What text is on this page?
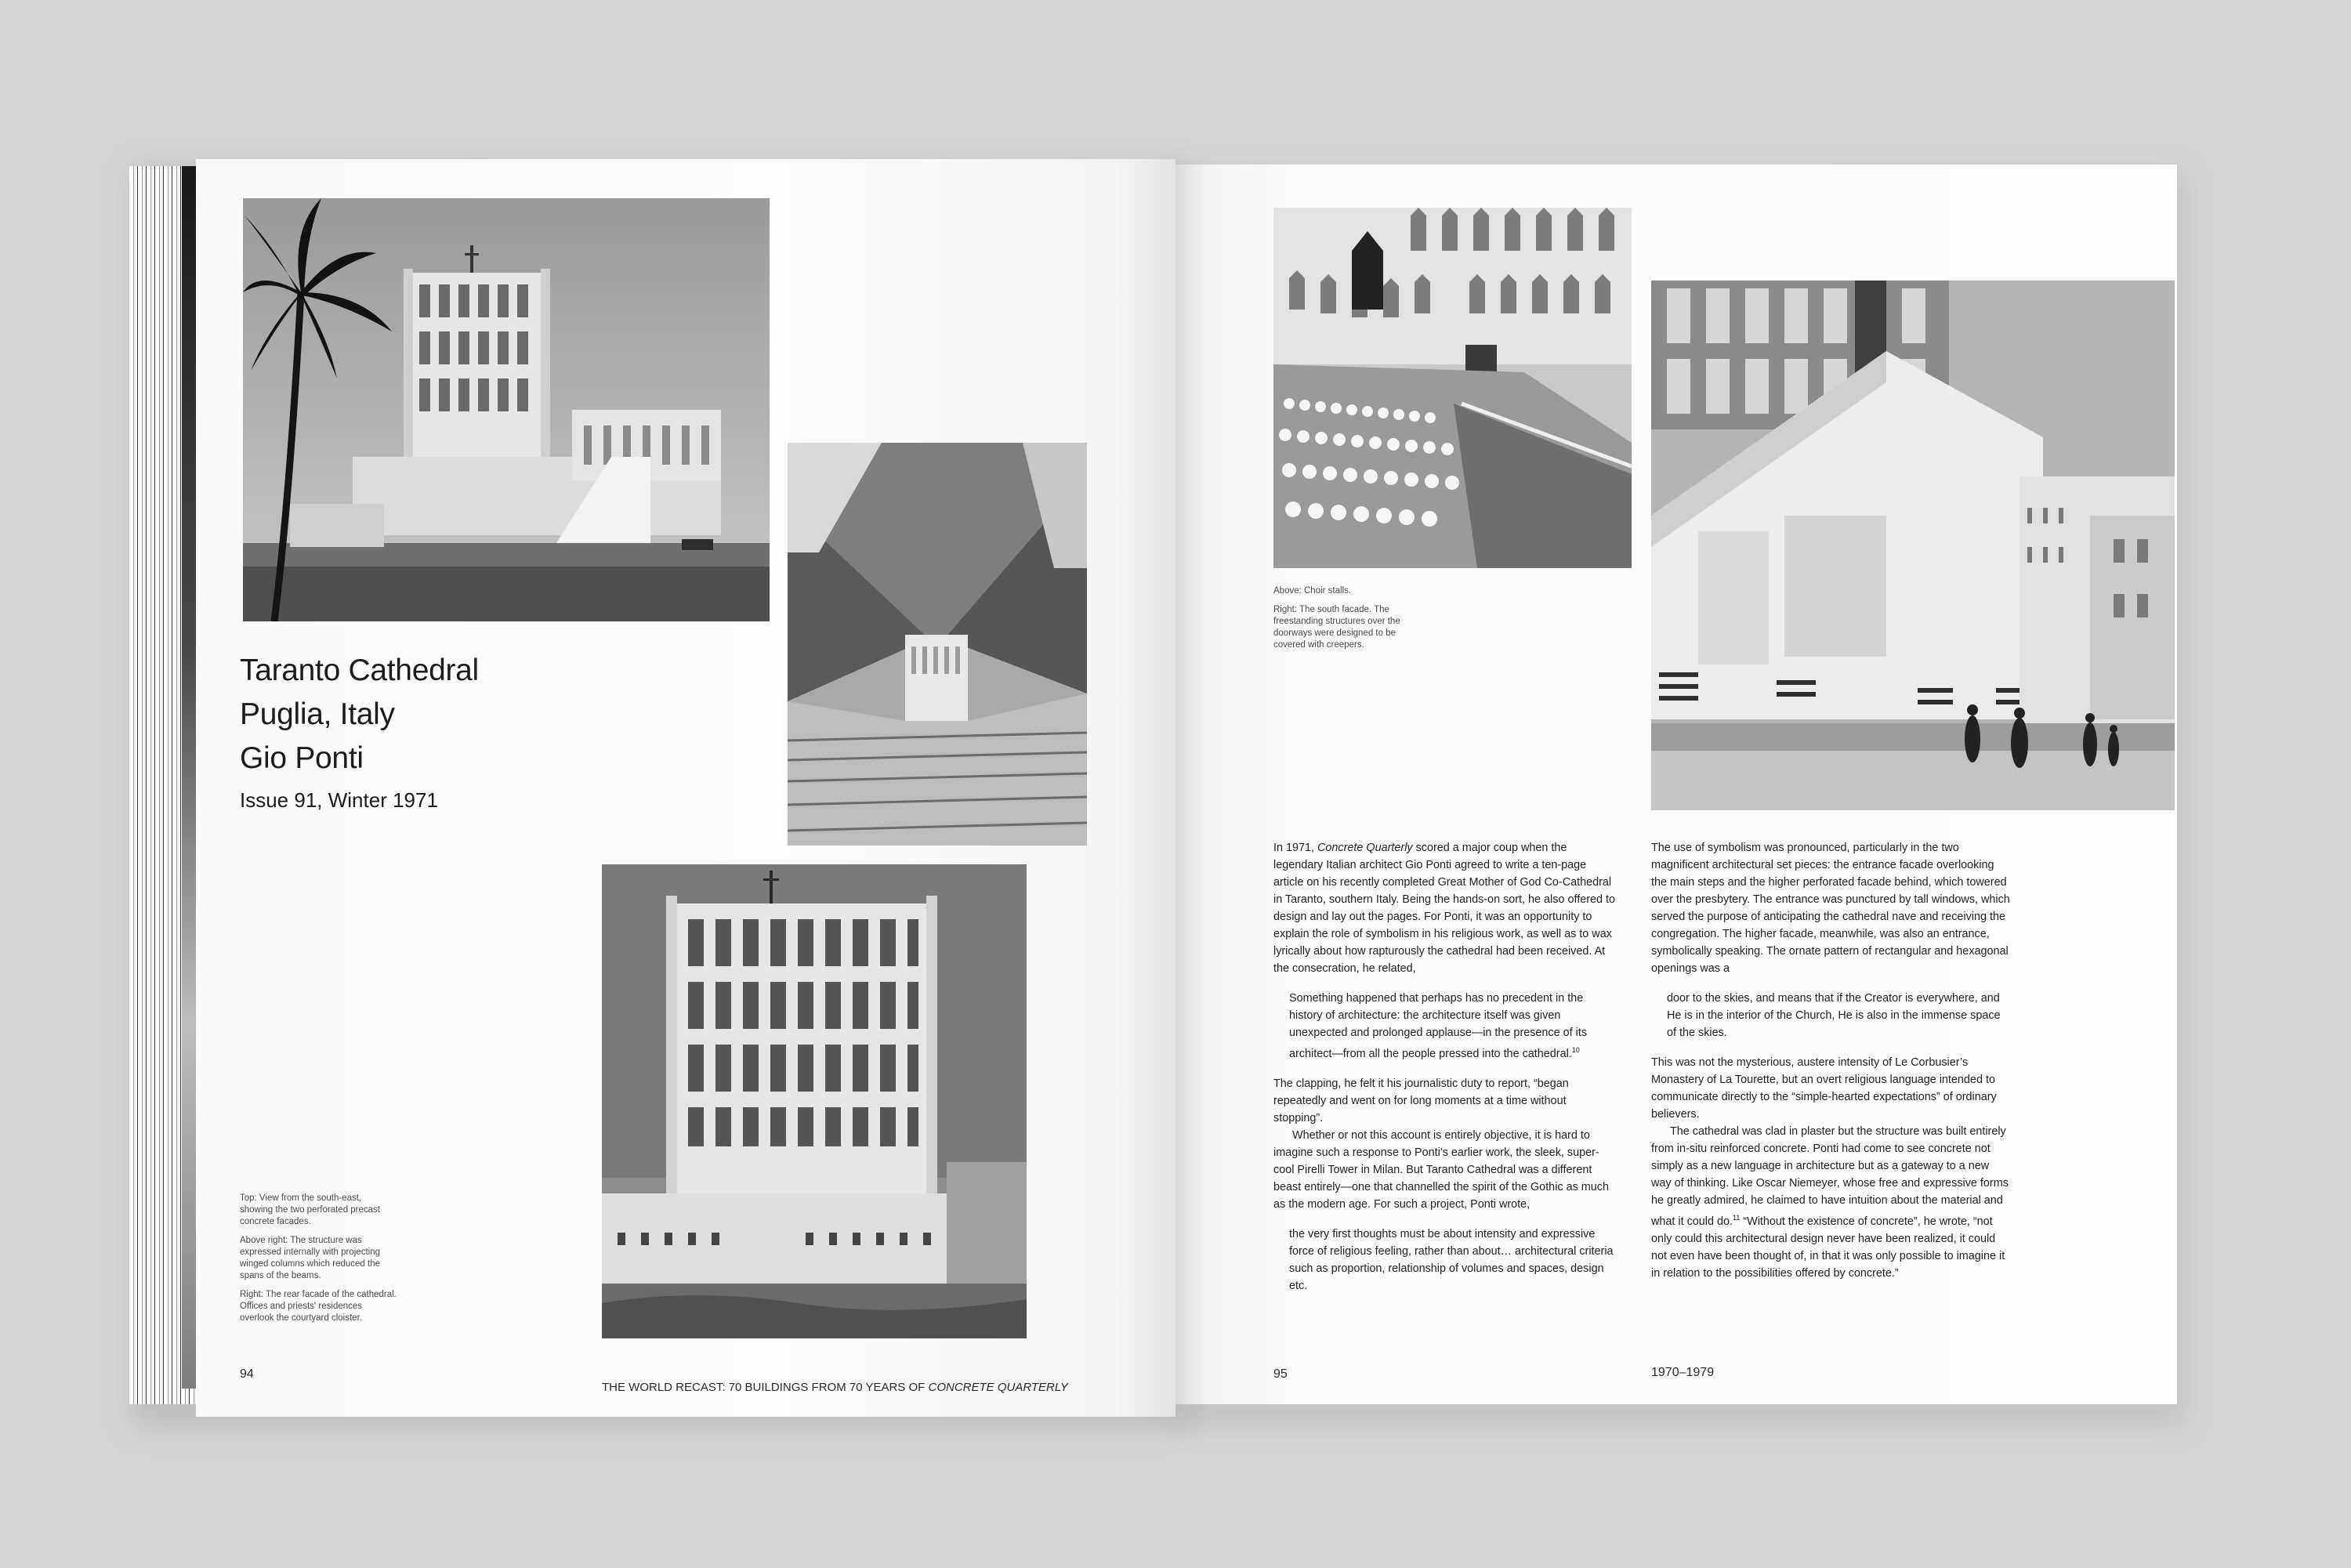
Taranto Cathedral
Puglia, Italy
Gio Ponti
Issue 91, Winter 1971

Top: View from the south-east, showing the two perforated precast concrete facades.

Above right: The structure was expressed internally with projecting winged columns which reduced the spans of the beams.

Right: The rear facade of the cathedral. Offices and priests' residences overlook the courtyard cloister.

94
THE WORLD RECAST: 70 BUILDINGS FROM 70 YEARS OF CONCRETE QUARTERLY

Above: Choir stalls.

Right: The south facade. The freestanding structures over the doorways were designed to be covered with creepers.

In 1971, Concrete Quarterly scored a major coup when the legendary Italian architect Gio Ponti agreed to write a ten-page article on his recently completed Great Mother of God Co-Cathedral in Taranto, southern Italy. Being the hands-on sort, he also offered to design and lay out the pages. For Ponti, it was an opportunity to explain the role of symbolism in his religious work, as well as to wax lyrically about how rapturously the cathedral had been received. At the consecration, he related,

Something happened that perhaps has no precedent in the history of architecture: the architecture itself was given unexpected and prolonged applause—in the presence of its architect—from all the people pressed into the cathedral.$^{10}$

The clapping, he felt it his journalistic duty to report, “began repeatedly and went on for long moments at a time without stopping”.

Whether or not this account is entirely objective, it is hard to imagine such a response to Ponti’s earlier work, the sleek, super-cool Pirelli Tower in Milan. But Taranto Cathedral was a different beast entirely—one that channelled the spirit of the Gothic as much as the modern age. For such a project, Ponti wrote,

the very first thoughts must be about intensity and expressive force of religious feeling, rather than about… architectural criteria such as proportion, relationship of volumes and spaces, design etc.

The use of symbolism was pronounced, particularly in the two magnificent architectural set pieces: the entrance facade overlooking the main steps and the higher perforated facade behind, which towered over the presbytery. The entrance was punctured by tall windows, which served the purpose of anticipating the cathedral nave and receiving the congregation. The higher facade, meanwhile, was also an entrance, symbolically speaking. The ornate pattern of rectangular and hexagonal openings was a

door to the skies, and means that if the Creator is everywhere, and He is in the interior of the Church, He is also in the immense space of the skies.

This was not the mysterious, austere intensity of Le Corbusier’s Monastery of La Tourette, but an overt religious language intended to communicate directly to the “simple-hearted expectations” of ordinary believers.

The cathedral was clad in plaster but the structure was built entirely from in-situ reinforced concrete. Ponti had come to see concrete not simply as a new language in architecture but as a gateway to a new way of thinking. Like Oscar Niemeyer, whose free and expressive forms he greatly admired, he claimed to have intuition about the material and what it could do.$^{11}$ “Without the existence of concrete”, he wrote, “not only could this architectural design never have been realized, it could not even have been thought of, in that it was only possible to imagine it in relation to the possibilities offered by concrete.”

95	1970–1979
